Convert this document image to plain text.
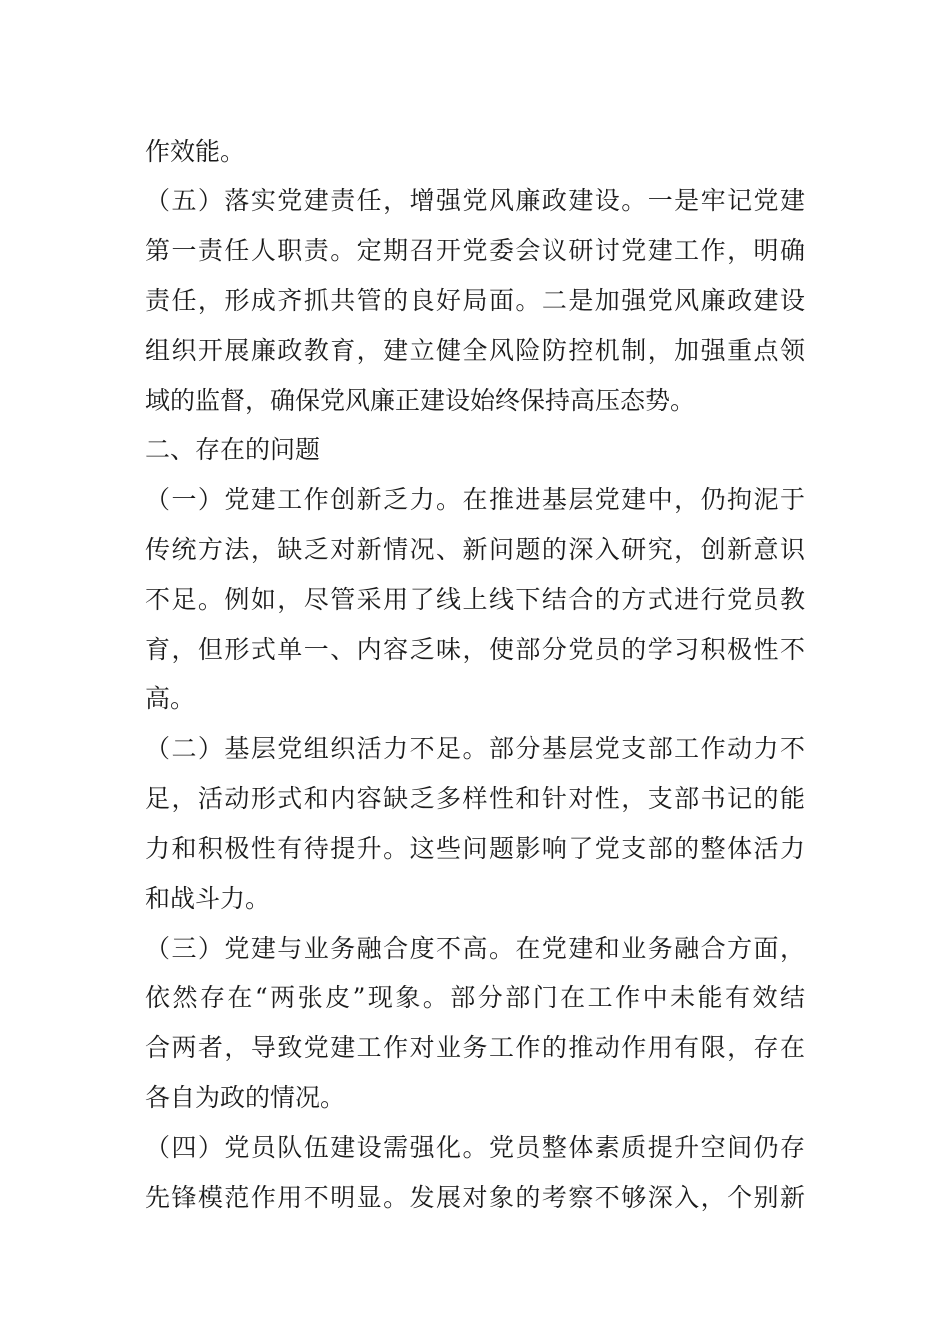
作效能。
（五）落实党建责任，增强党风廉政建设。一是牢记党建
第一责任人职责。定期召开党委会议研讨党建工作，明确
责任，形成齐抓共管的良好局面。二是加强党风廉政建设
组织开展廉政教育，建立健全风险防控机制，加强重点领
域的监督，确保党风廉正建设始终保持高压态势。
二、存在的问题
（一）党建工作创新乏力。在推进基层党建中，仍拘泥于
传统方法，缺乏对新情况、新问题的深入研究，创新意识
不足。例如，尽管采用了线上线下结合的方式进行党员教
育，但形式单一、内容乏味，使部分党员的学习积极性不
高。
（二）基层党组织活力不足。部分基层党支部工作动力不
足，活动形式和内容缺乏多样性和针对性，支部书记的能
力和积极性有待提升。这些问题影响了党支部的整体活力
和战斗力。
（三）党建与业务融合度不高。在党建和业务融合方面，
依然存在“两张皮”现象。部分部门在工作中未能有效结
合两者，导致党建工作对业务工作的推动作用有限，存在
各自为政的情况。
（四）党员队伍建设需强化。党员整体素质提升空间仍存
先锋模范作用不明显。发展对象的考察不够深入，个别新
